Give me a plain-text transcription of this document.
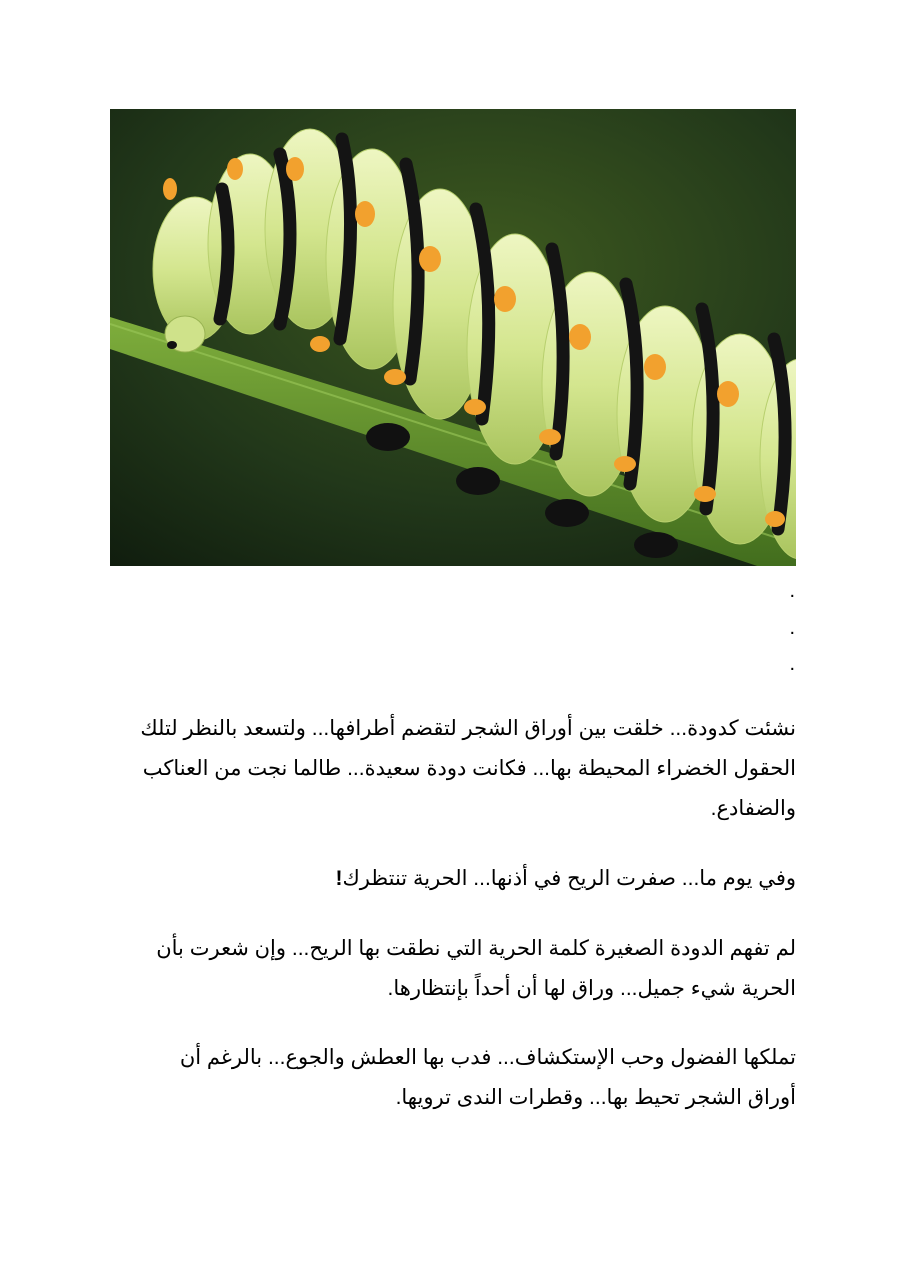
.
.
.
نشئت كدودة... خلقت بين أوراق الشجر لتقضم أطرافها... ولتسعد بالنظر لتلك
الحقول الخضراء المحيطة بها... فكانت دودة سعيدة... طالما نجت من العناكب
والضفادع.
وفي يوم ما... صفرت الريح في أذنها... الحرية تنتظرك!
لم تفهم الدودة الصغيرة كلمة الحرية التي نطقت بها الريح... وإن شعرت بأن
الحرية شيء جميل... وراق لها أن أحداً بإنتظارها.
تملكها الفضول وحب الإستكشاف... فدب بها العطش والجوع... بالرغم أن
أوراق الشجر تحيط بها... وقطرات الندى ترويها.
